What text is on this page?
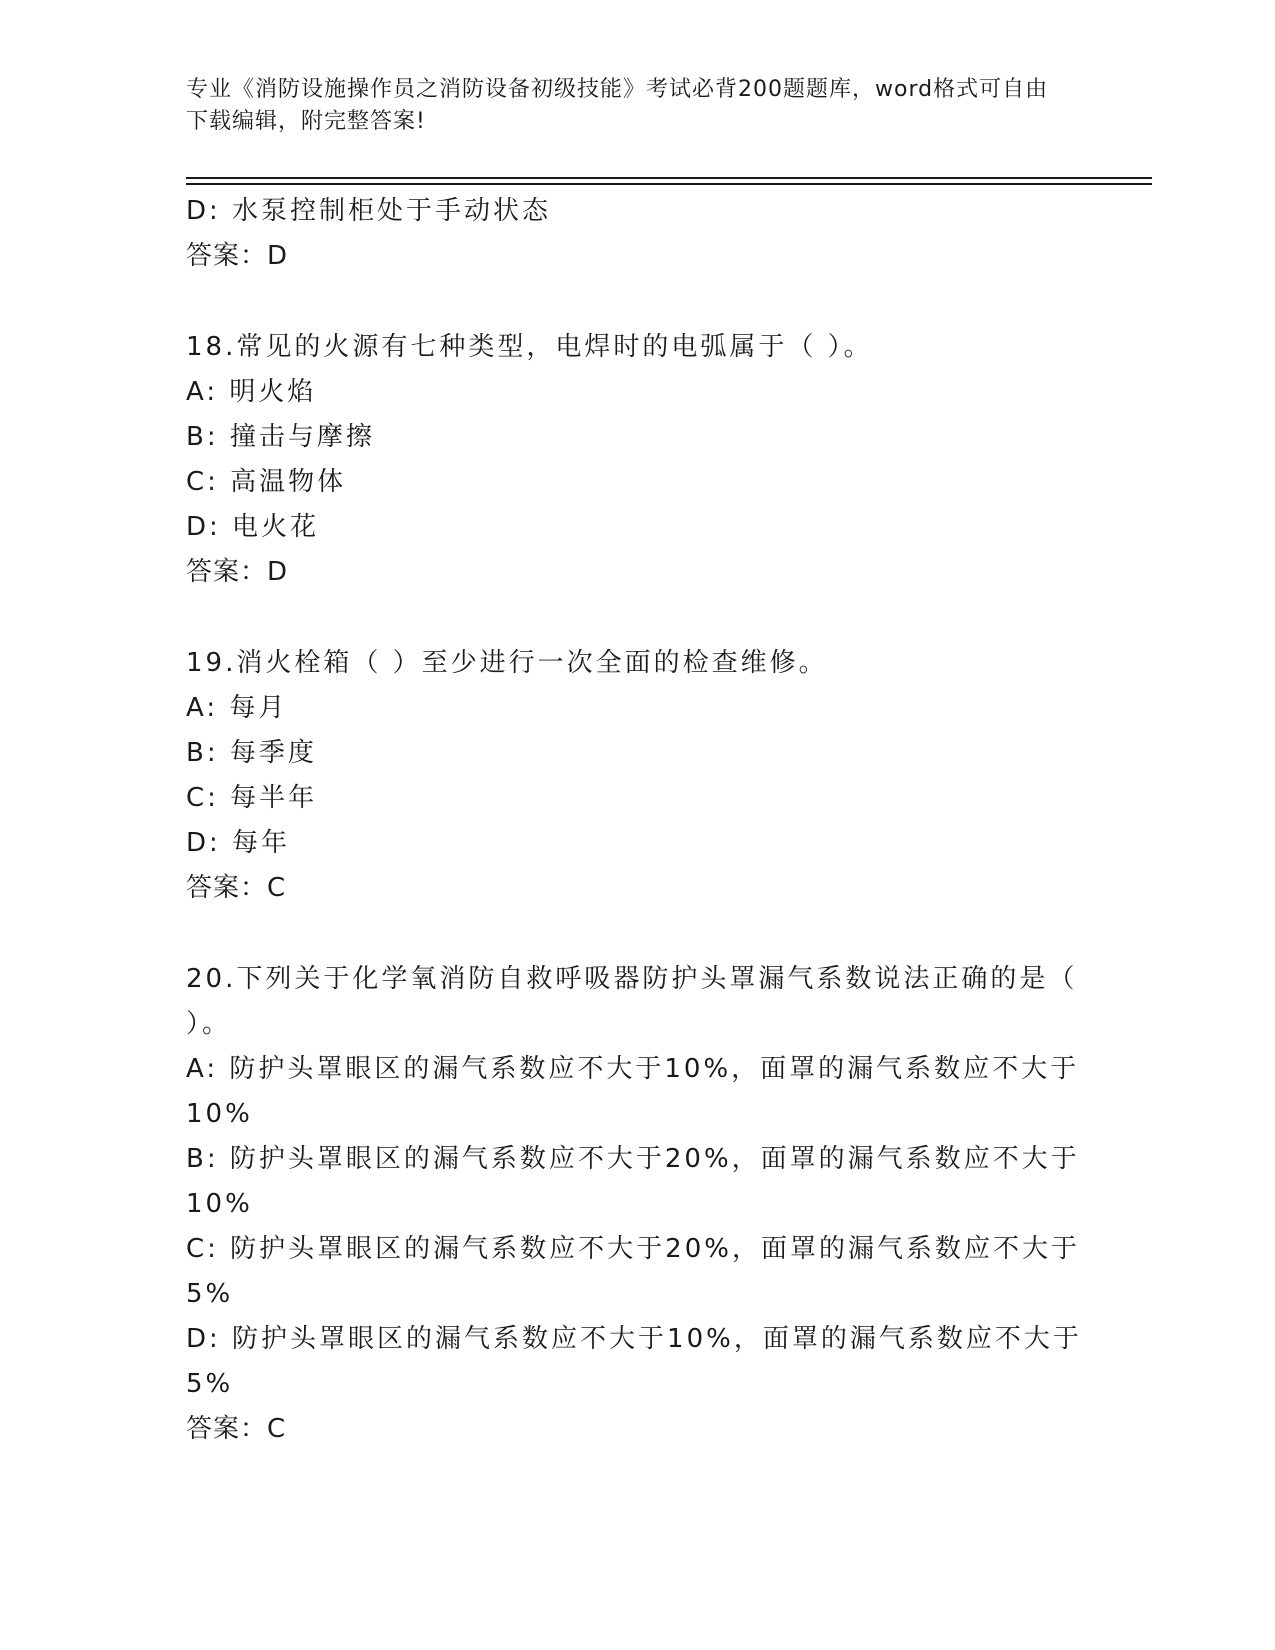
专业《消防设施操作员之消防设备初级技能》考试必背200题题库，word格式可自由下载编辑，附完整答案!

D: 水泵控制柜处于手动状态

答案：D

18.常见的火源有七种类型，电焊时的电弧属于（ ）。

A: 明火焰

B: 撞击与摩擦

C: 高温物体

D: 电火花

答案：D

19.消火栓箱（ ）至少进行一次全面的检查维修。

A: 每月

B: 每季度

C: 每半年

D: 每年

答案：C

20.下列关于化学氧消防自救呼吸器防护头罩漏气系数说法正确的是（ ）。

A: 防护头罩眼区的漏气系数应不大于10%，面罩的漏气系数应不大于10%

B: 防护头罩眼区的漏气系数应不大于20%，面罩的漏气系数应不大于10%

C: 防护头罩眼区的漏气系数应不大于20%，面罩的漏气系数应不大于5%

D: 防护头罩眼区的漏气系数应不大于10%，面罩的漏气系数应不大于5%

答案：C
